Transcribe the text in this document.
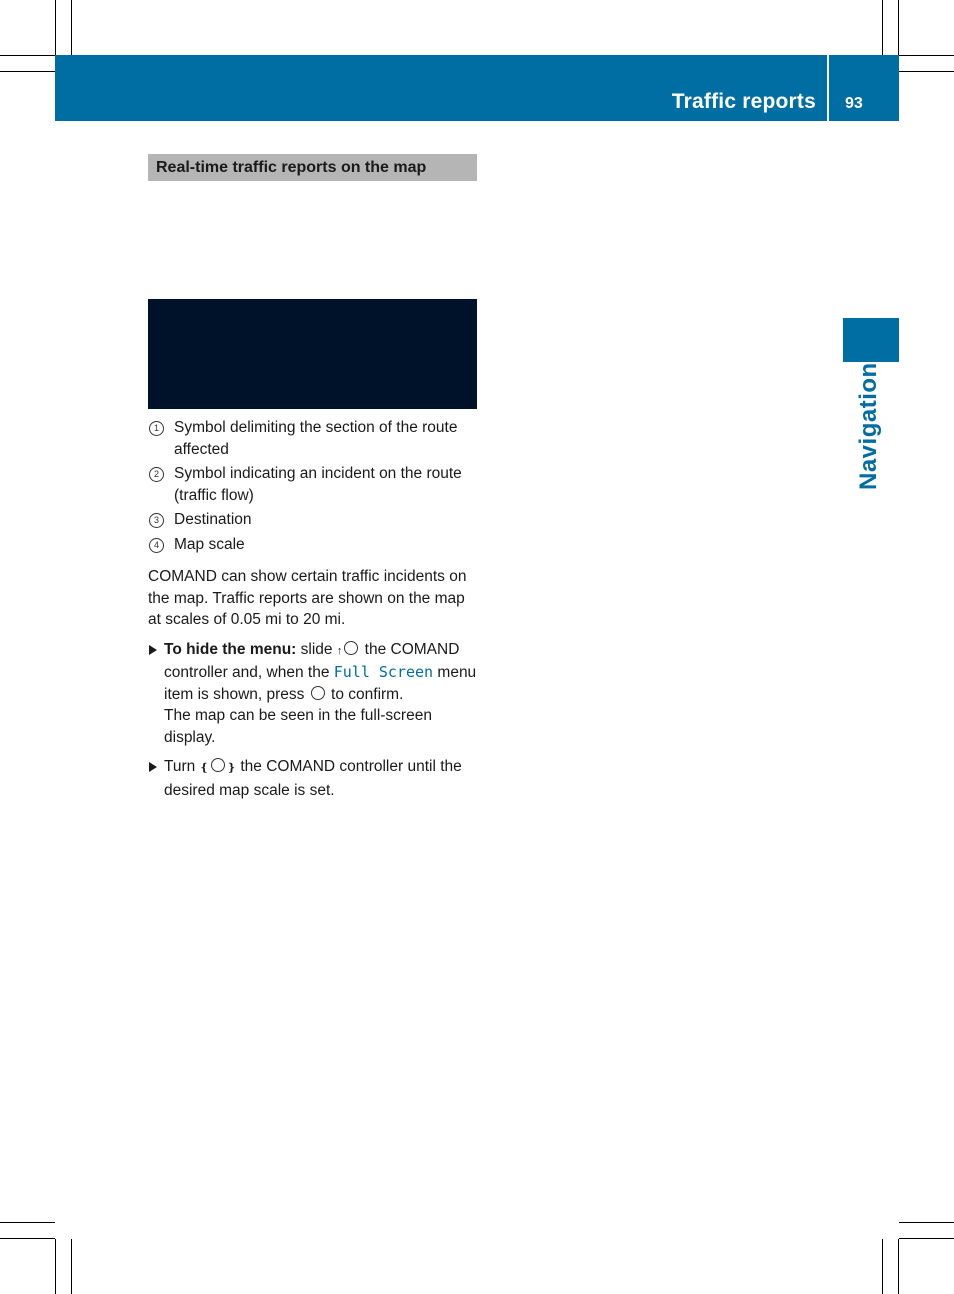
Traffic reports 93
Navigation
Real-time traffic reports on the map
1 Symbol delimiting the section of the route affected
2 Symbol indicating an incident on the route (traffic flow)
3 Destination
4 Map scale

COMAND can show certain traffic incidents on the map. Traffic reports are shown on the map at scales of 0.05 mi to 20 mi.

To hide the menu: slide ↑ the COMAND controller and, when the Full Screen menu item is shown, press to confirm.
The map can be seen in the full-screen display.
Turn ❴ ❵ the COMAND controller until the desired map scale is set.
